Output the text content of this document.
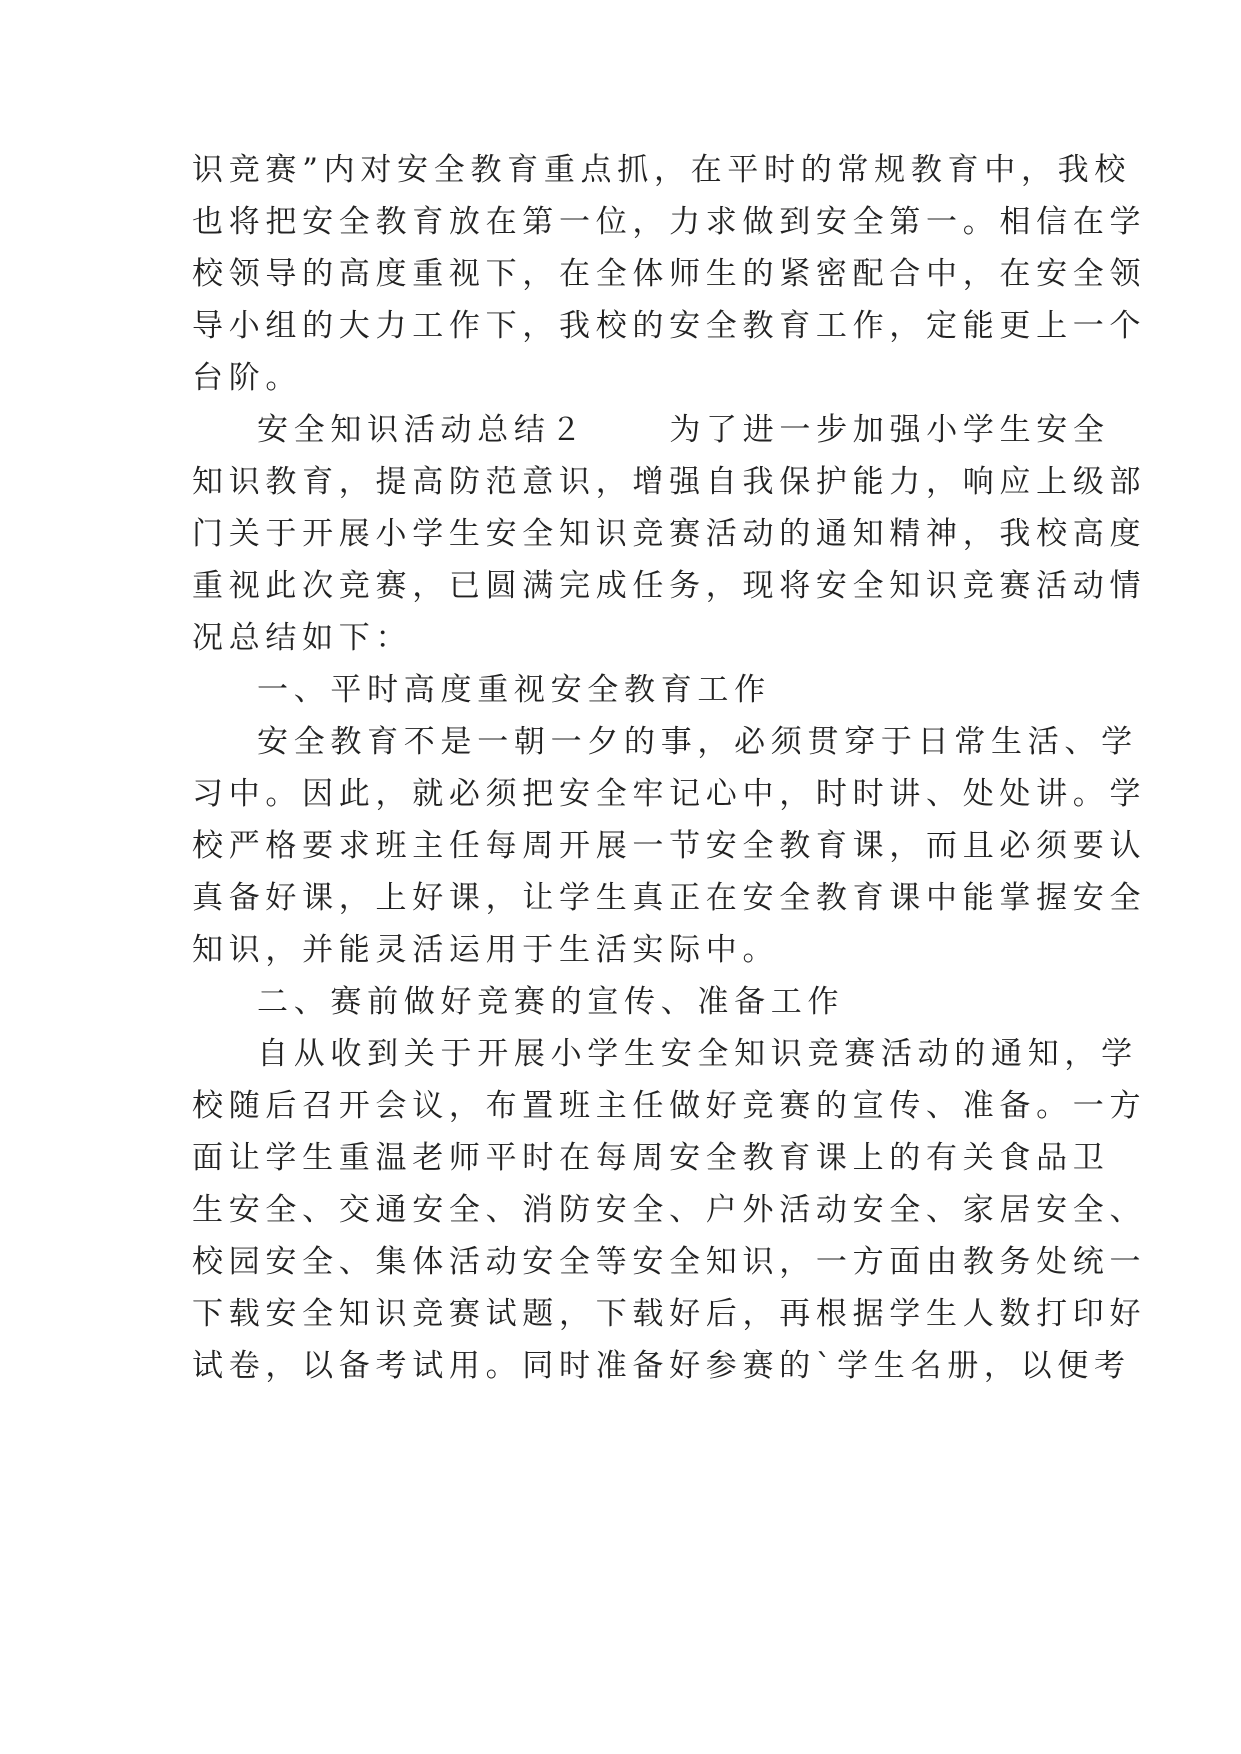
识竞赛”内对安全教育重点抓，在平时的常规教育中，我校

也将把安全教育放在第一位，力求做到安全第一。相信在学

校领导的高度重视下，在全体师生的紧密配合中，在安全领

导小组的大力工作下，我校的安全教育工作，定能更上一个

台阶。

安全知识活动总结２	为了进一步加强小学生安全

知识教育，提高防范意识，增强自我保护能力，响应上级部

门关于开展小学生安全知识竞赛活动的通知精神，我校高度

重视此次竞赛，已圆满完成任务，现将安全知识竞赛活动情

况总结如下：

一、平时高度重视安全教育工作

安全教育不是一朝一夕的事，必须贯穿于日常生活、学

习中。因此，就必须把安全牢记心中，时时讲、处处讲。学

校严格要求班主任每周开展一节安全教育课，而且必须要认

真备好课，上好课，让学生真正在安全教育课中能掌握安全

知识，并能灵活运用于生活实际中。

二、赛前做好竞赛的宣传、准备工作

自从收到关于开展小学生安全知识竞赛活动的通知，学

校随后召开会议，布置班主任做好竞赛的宣传、准备。一方

面让学生重温老师平时在每周安全教育课上的有关食品卫

生安全、交通安全、消防安全、户外活动安全、家居安全、

校园安全、集体活动安全等安全知识，一方面由教务处统一

下载安全知识竞赛试题，下载好后，再根据学生人数打印好

试卷，以备考试用。同时准备好参赛的`学生名册，以便考
